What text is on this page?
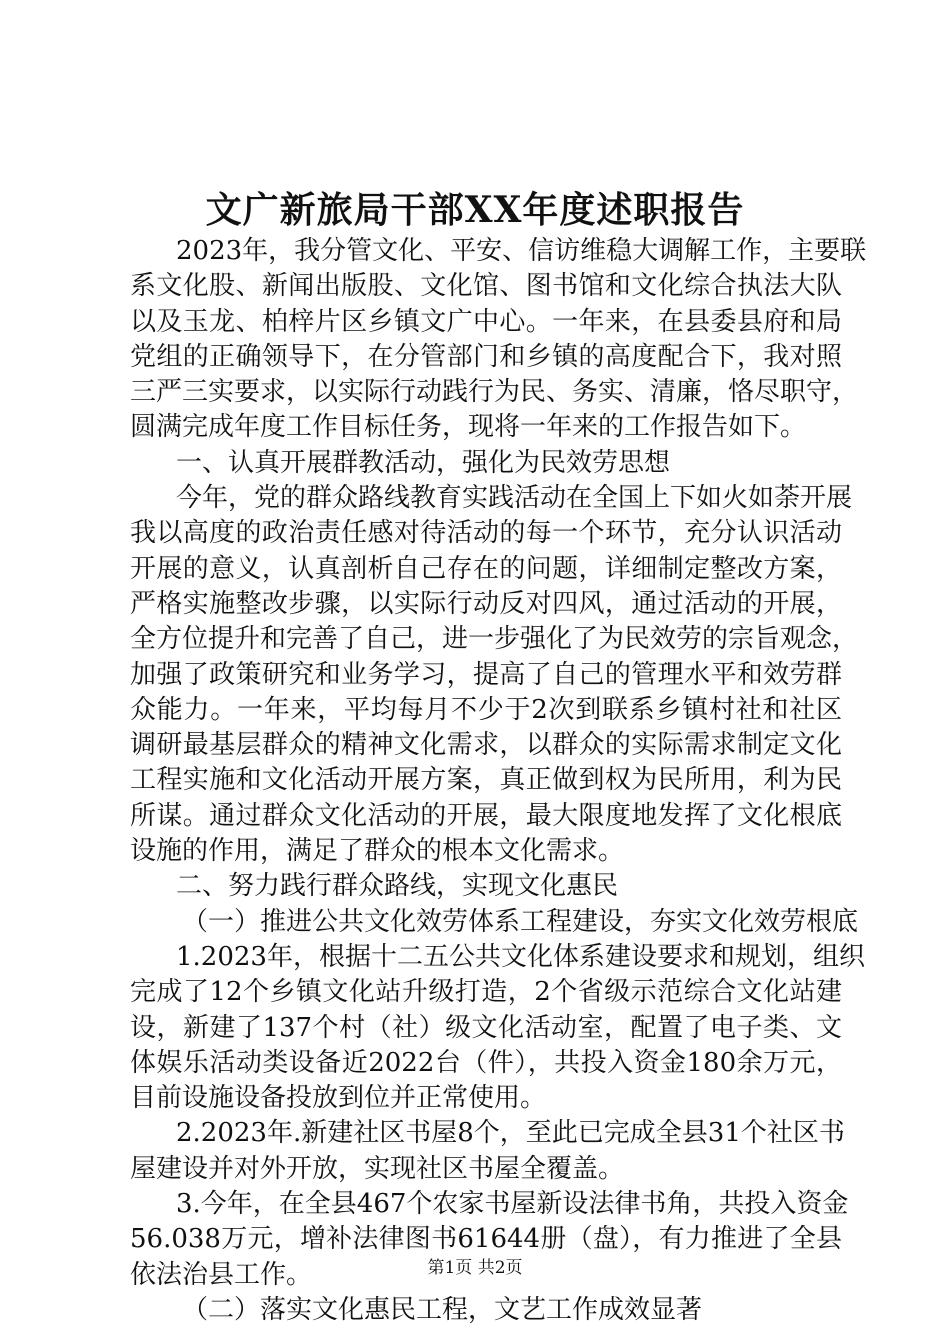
文广新旅局干部XX年度述职报告
2023年，我分管文化、平安、信访维稳大调解工作，主要联
系文化股、新闻出版股、文化馆、图书馆和文化综合执法大队
以及玉龙、柏梓片区乡镇文广中心。一年来，在县委县府和局
党组的正确领导下，在分管部门和乡镇的高度配合下，我对照
三严三实要求，以实际行动践行为民、务实、清廉，恪尽职守，
圆满完成年度工作目标任务，现将一年来的工作报告如下。
一、认真开展群教活动，强化为民效劳思想
今年，党的群众路线教育实践活动在全国上下如火如荼开展
我以高度的政治责任感对待活动的每一个环节，充分认识活动
开展的意义，认真剖析自己存在的问题，详细制定整改方案，
严格实施整改步骤，以实际行动反对四风，通过活动的开展，
全方位提升和完善了自己，进一步强化了为民效劳的宗旨观念，
加强了政策研究和业务学习，提高了自己的管理水平和效劳群
众能力。一年来，平均每月不少于2次到联系乡镇村社和社区
调研最基层群众的精神文化需求，以群众的实际需求制定文化
工程实施和文化活动开展方案，真正做到权为民所用，利为民
所谋。通过群众文化活动的开展，最大限度地发挥了文化根底
设施的作用，满足了群众的根本文化需求。
二、努力践行群众路线，实现文化惠民
（一）推进公共文化效劳体系工程建设，夯实文化效劳根底
1.2023年，根据十二五公共文化体系建设要求和规划，组织
完成了12个乡镇文化站升级打造，2个省级示范综合文化站建
设，新建了137个村（社）级文化活动室，配置了电子类、文
体娱乐活动类设备近2022台（件），共投入资金180余万元，
目前设施设备投放到位并正常使用。
2.2023年.新建社区书屋8个，至此已完成全县31个社区书
屋建设并对外开放，实现社区书屋全覆盖。
3.今年，在全县467个农家书屋新设法律书角，共投入资金
56.038万元，增补法律图书61644册（盘），有力推进了全县
依法治县工作。
（二）落实文化惠民工程，文艺工作成效显著
第1页 共2页
